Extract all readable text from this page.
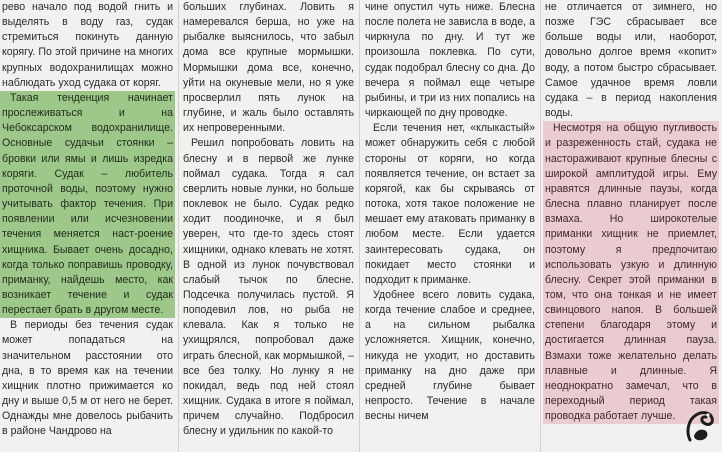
рево начало под водой гнить и выделять в воду газ, судак стремиться покинуть данную корягу. По этой причине на многих крупных водохранилищах можно наблюдать уход судака от коряг.

Такая тенденция начинает прослеживаться и на Чебоксарском водохранилище. Основные судачьи стоянки – бровки или ямы и лишь изредка коряги. Судак – любитель проточной воды, поэтому нужно учитывать фактор течения. При появлении или исчезновении течения меняется наст-роение хищника. Бывает очень досадно, когда только поправишь проводку, приманку, найдешь место, как возникает течение и судак перестает брать в другом месте.

В периоды без течения судак может попадаться на значительном расстоянии ото дна, в то время как на течении хищник плотно прижимается ко дну и выше 0,5 м от него не берет. Однажды мне довелось рыбачить в районе Чандрово на

больших глубинах. Ловить я намеревался берша, но уже на рыбалке выяснилось, что забыл дома все крупные мормышки. Мормышки дома все, конечно, уйти на окуневые мели, но я уже просверлил пять лунок на глубине, и жаль было оставлять их непроверенными.

Решил попробовать ловить на блесну и в первой же лунке поймал судака. Тогда я сал сверлить новые лунки, но больше поклевок не было. Судак редко ходит поодиночке, и я был уверен, что где-то здесь стоят хищники, однако клевать не хотят. В одной из лунок почувствовал слабый тычок по блесне. Подсечка получилась пустой. Я поподевил лов, но рыба не клевала. Как я только не ухищрялся, попробовал даже играть блесной, как мормышкой, – все без толку. Но лунку я не покидал, ведь под ней стоял хищник. Судака в итоге я поймал, причем случайно. Подбросил блесну и удильник по какой-то

чине опустил чуть ниже. Блесна после полета не зависла в воде, а чиркнула по дну. И тут же произошла поклевка. По сути, судак подобрал блесну со дна. До вечера я поймал еще четыре рыбины, и три из них попались на чиркающей по дну проводке.

Если течения нет, «клыкастый» может обнаружить себя с любой стороны от коряги, но когда появляется течение, он встает за корягой, как бы скрываясь от потока, хотя такое положение не мешает ему атаковать приманку в любом месте. Если удается заинтересовать судака, он покидает место стоянки и подходит к приманке.

Удобнее всего ловить судака, когда течение слабое и среднее, а на сильном рыбалка усложняется. Хищник, конечно, никуда не уходит, но доставить приманку на дно даже при средней глубине бывает непросто. Течение в начале весны ничем

не отличается от зимнего, но позже ГЭС сбрасывает все больше воды или, наоборот, довольно долгое время «копит» воду, а потом быстро сбрасывает. Самое удачное время ловли судака – в период накопления воды.

Несмотря на общую пугливость и разреженность стай, судака не настораживают крупные блесны с широкой амплитудой игры. Ему нравятся длинные паузы, когда блесна плавно планирует после взмаха. Но широкотелые приманки хищник не приемлет, поэтому я предпочитаю использовать узкую и длинную блесну. Секрет этой приманки в том, что она тонкая и не имеет свинцового напоя. В большей степени благодаря этому и достигается длинная пауза. Взмахи тоже желательно делать плавные и длинные. Я неоднократно замечал, что в переходный период такая проводка работает лучше.
